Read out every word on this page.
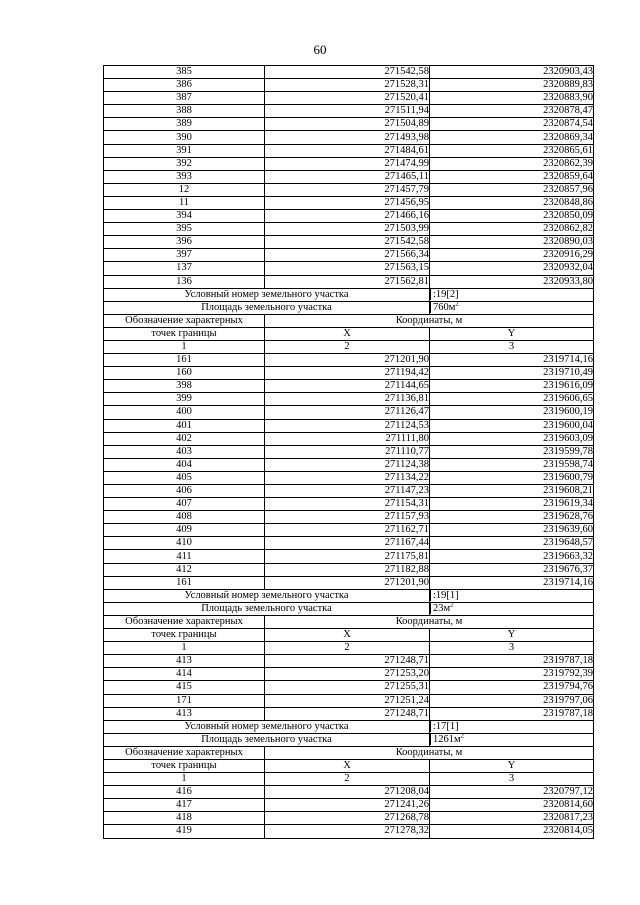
60
385	271542,58	2320903,43
386	271528,31	2320889,83
387	271520,41	2320883,90
388	271511,94	2320878,47
389	271504,89	2320874,54
390	271493,98	2320869,34
391	271484,61	2320865,61
392	271474,99	2320862,39
393	271465,11	2320859,64
12	271457,79	2320857,96
11	271456,95	2320848,86
394	271466,16	2320850,09
395	271503,99	2320862,82
396	271542,58	2320890,03
397	271566,34	2320916,29
137	271563,15	2320932,04
136	271562,81	2320933,80
Условный номер земельного участка		:19[2]
Площадь земельного участка		$760м^2$
Обозначение характерных	Координаты, м	
точек границы	X	Y
1	2	3
161	271201,90	2319714,16
160	271194,42	2319710,49
398	271144,65	2319616,09
399	271136,81	2319606,65
400	271126,47	2319600,19
401	271124,53	2319600,04
402	271111,80	2319603,09
403	271110,77	2319599,78
404	271124,38	2319598,74
405	271134,22	2319600,79
406	271147,23	2319608,21
407	271154,31	2319619,34
408	271157,93	2319628,76
409	271162,71	2319639,60
410	271167,44	2319648,57
411	271175,81	2319663,32
412	271182,88	2319676,37
161	271201,90	2319714,16
Условный номер земельного участка		:19[1]
Площадь земельного участка		$23м^2$
Обозначение характерных	Координаты, м	
точек границы	X	Y
1	2	3
413	271248,71	2319787,18
414	271253,20	2319792,39
415	271255,31	2319794,76
171	271251,24	2319797,06
413	271248,71	2319787,18
Условный номер земельного участка		:17[1]
Площадь земельного участка		$1261м^2$
Обозначение характерных	Координаты, м	
точек границы	X	Y
1	2	3
416	271208,04	2320797,12
417	271241,26	2320814,60
418	271268,78	2320817,23
419	271278,32	2320814,05
